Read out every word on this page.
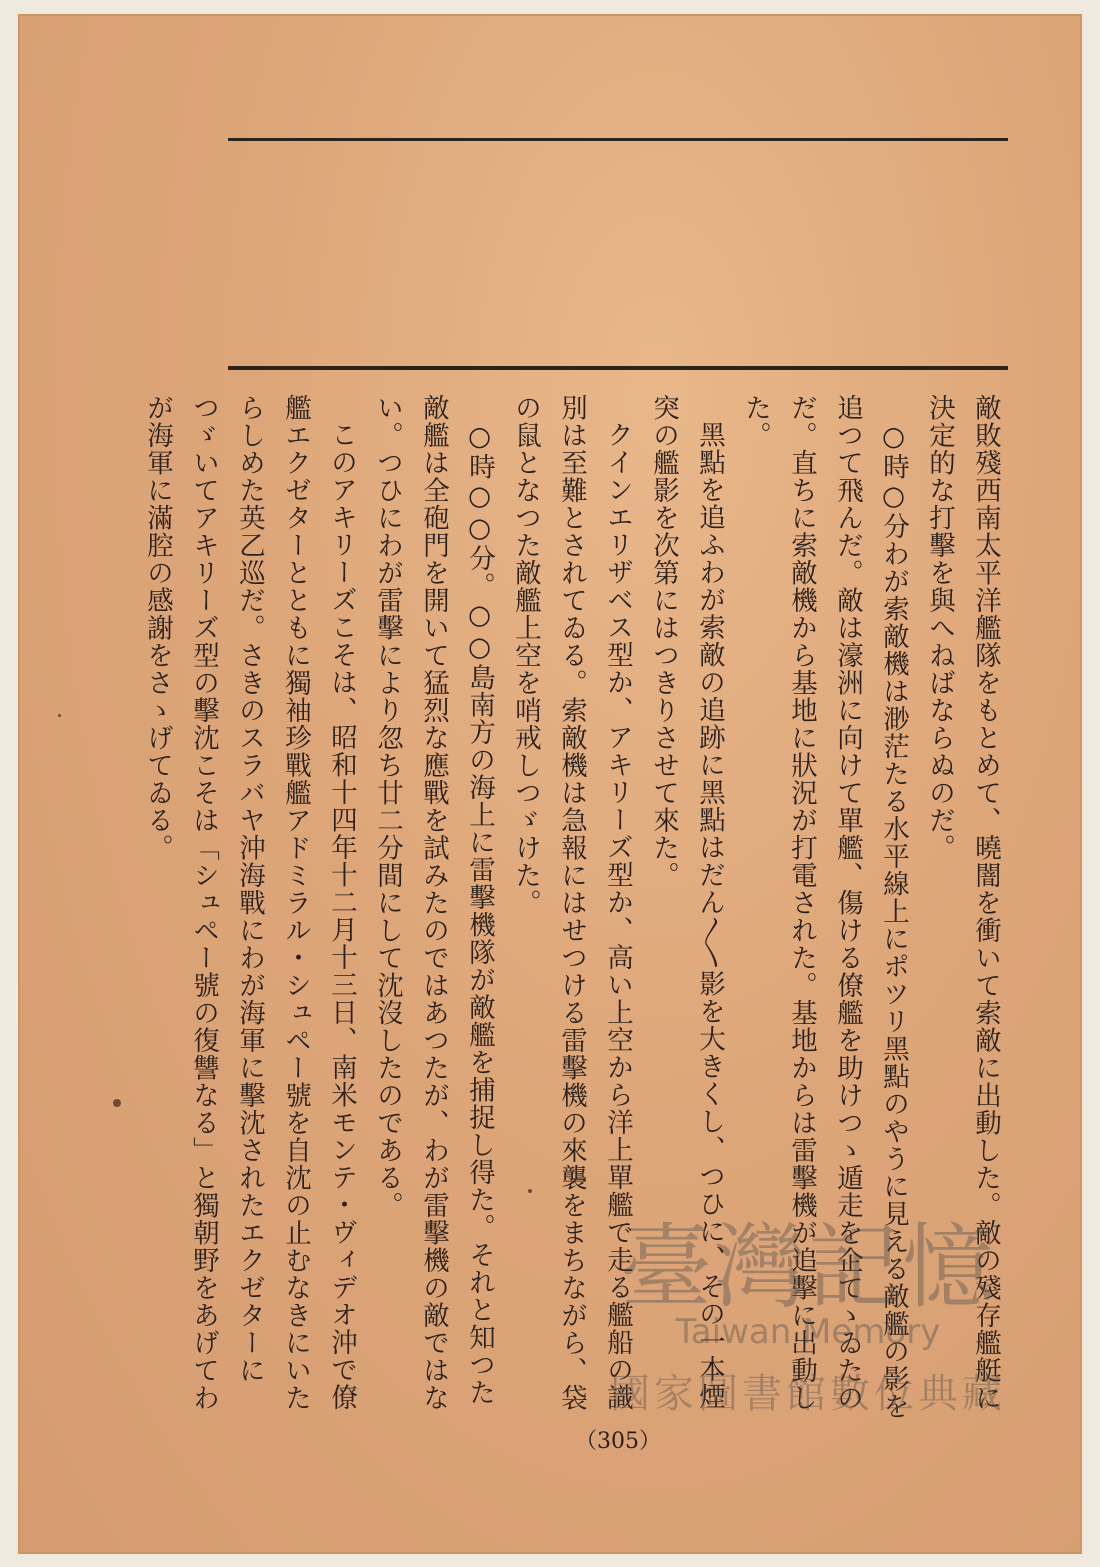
敵敗殘西南太平洋艦隊をもとめて、曉闇を衝いて索敵に出動した。敵の殘存艦艇に決定的な打擊を與へねばならぬのだ。

○時○分わが索敵機は渺茫たる水平線上にポツリ黑點のやうに見える敵艦の影を追つて飛んだ。敵は濠洲に向けて單艦、傷ける僚艦を助けつゝ遁走を企てゝゐたのだ。直ちに索敵機から基地に狀況が打電された。基地からは雷擊機が追擊に出動した。

黑點を追ふわが索敵の追跡に黑點はだん〳〵影を大きくし、つひに、その一本煙突の艦影を次第にはつきりさせて來た。

クインエリザベス型か、アキリーズ型か、高い上空から洋上單艦で走る艦船の識別は至難とされてゐる。索敵機は急報にはせつける雷擊機の來襲をまちながら、袋の鼠となつた敵艦上空を哨戒しつゞけた。

○時○○分。○○島南方の海上に雷擊機隊が敵艦を捕捉し得た。それと知つた敵艦は全砲門を開いて猛烈な應戰を試みたのではあつたが、わが雷擊機の敵ではない。つひにわが雷擊により忽ち廿二分間にして沈沒したのである。

このアキリーズこそは、昭和十四年十二月十三日、南米モンテ・ヴィデオ沖で僚艦エクゼターとともに獨袖珍戰艦アドミラル・シュペー號を自沈の止むなきにいたらしめた英乙巡だ。さきのスラバヤ沖海戰にわが海軍に擊沈されたエクゼターにつゞいてアキリーズ型の擊沈こそは「シュペー號の復讐なる」と獨朝野をあげてわが海軍に滿腔の感謝をさゝげてゐる。

（305）
臺灣記憶
Taiwan Memory
國家圖書館數位典藏
